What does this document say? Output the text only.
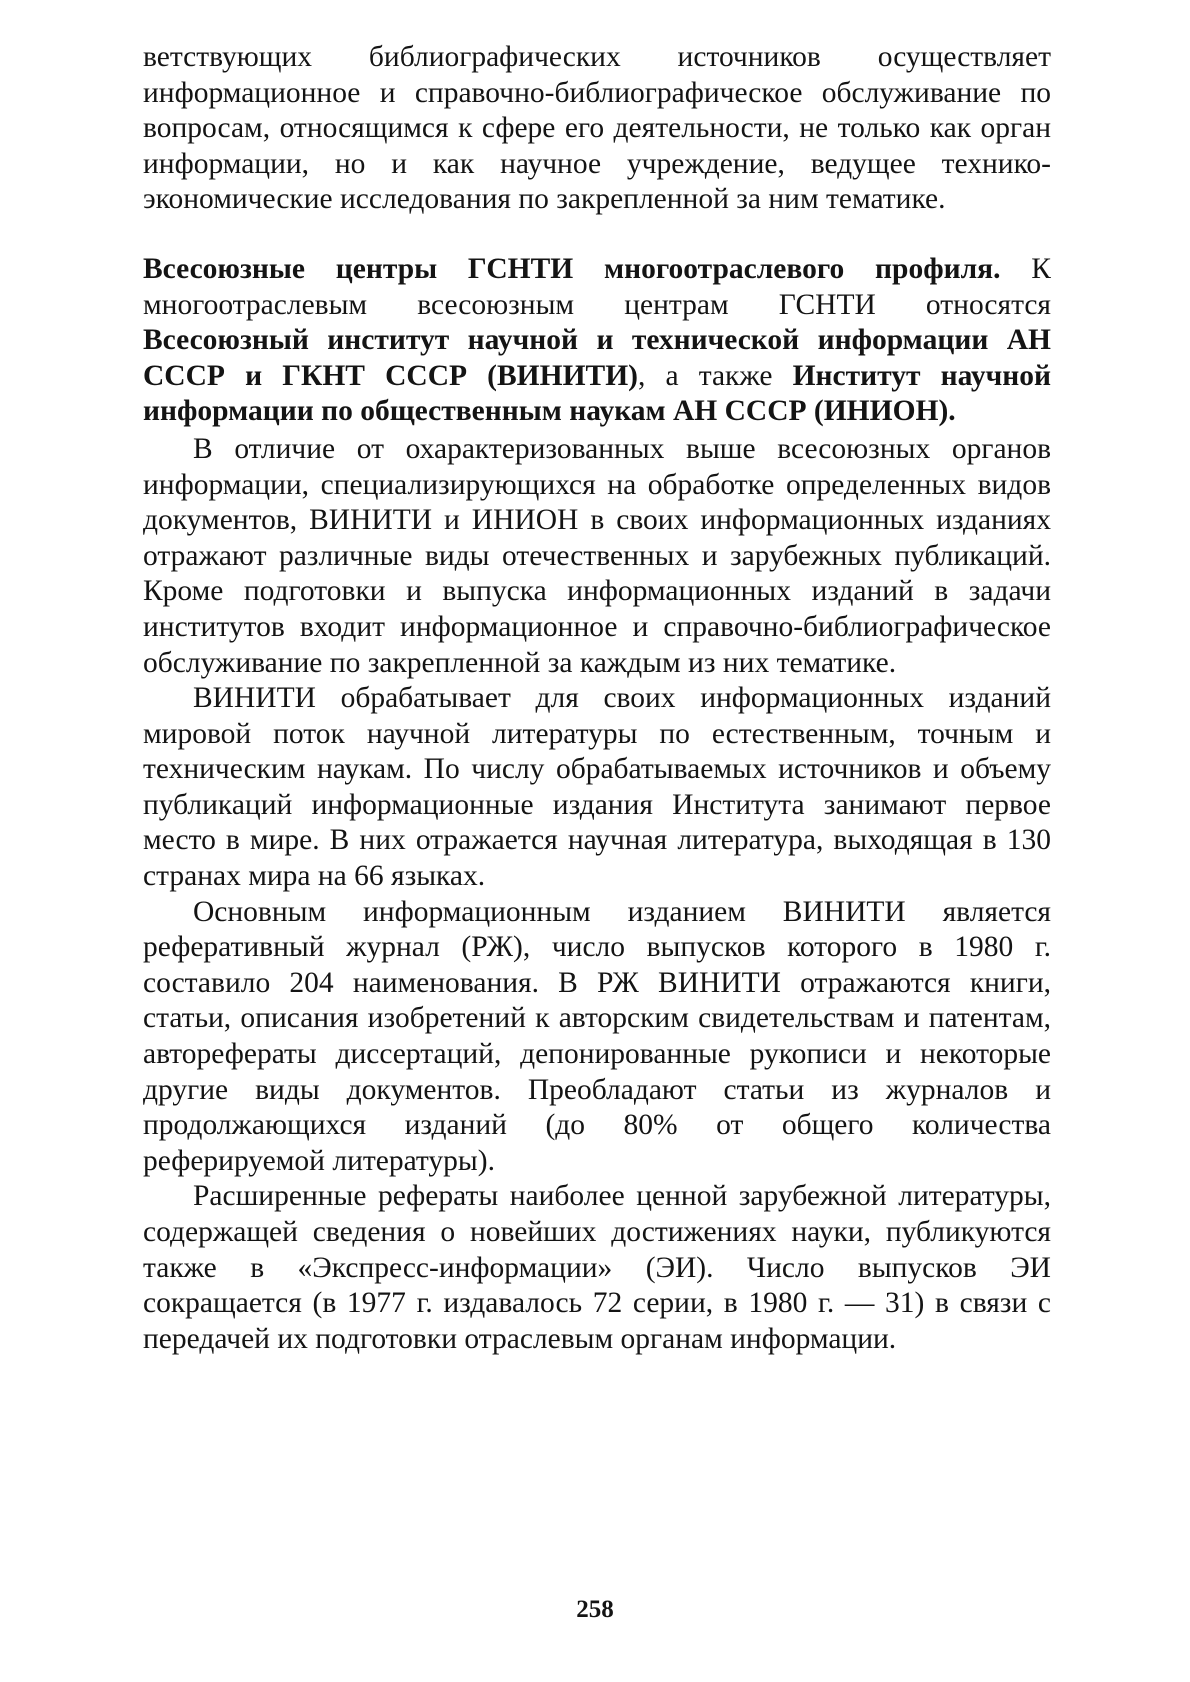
ветствующих библиографических источников осуществляет информационное и справочно-библиографическое обслуживание по вопросам, относящимся к сфере его деятельности, не только как орган информации, но и как научное учреждение, ведущее технико-экономические исследования по закрепленной за ним тематике.

Всесоюзные центры ГСНТИ многоотраслевого профиля. К многоотраслевым всесоюзным центрам ГСНТИ относятся Всесоюзный институт научной и технической информации АН СССР и ГКНТ СССР (ВИНИТИ), а также Институт научной информации по общественным наукам АН СССР (ИНИОН).

В отличие от охарактеризованных выше всесоюзных органов информации, специализирующихся на обработке определенных видов документов, ВИНИТИ и ИНИОН в своих информационных изданиях отражают различные виды отечественных и зарубежных публикаций. Кроме подготовки и выпуска информационных изданий в задачи институтов входит информационное и справочно-библиографическое обслуживание по закрепленной за каждым из них тематике.

ВИНИТИ обрабатывает для своих информационных изданий мировой поток научной литературы по естественным, точным и техническим наукам. По числу обрабатываемых источников и объему публикаций информационные издания Института занимают первое место в мире. В них отражается научная литература, выходящая в 130 странах мира на 66 языках.

Основным информационным изданием ВИНИТИ является реферативный журнал (РЖ), число выпусков которого в 1980 г. составило 204 наименования. В РЖ ВИНИТИ отражаются книги, статьи, описания изобретений к авторским свидетельствам и патентам, авторефераты диссертаций, депонированные рукописи и некоторые другие виды документов. Преобладают статьи из журналов и продолжающихся изданий (до 80% от общего количества реферируемой литературы).

Расширенные рефераты наиболее ценной зарубежной литературы, содержащей сведения о новейших достижениях науки, публикуются также в «Экспресс-информации» (ЭИ). Число выпусков ЭИ сокращается (в 1977 г. издавалось 72 серии, в 1980 г. — 31) в связи с передачей их подготовки отраслевым органам информации.

258
